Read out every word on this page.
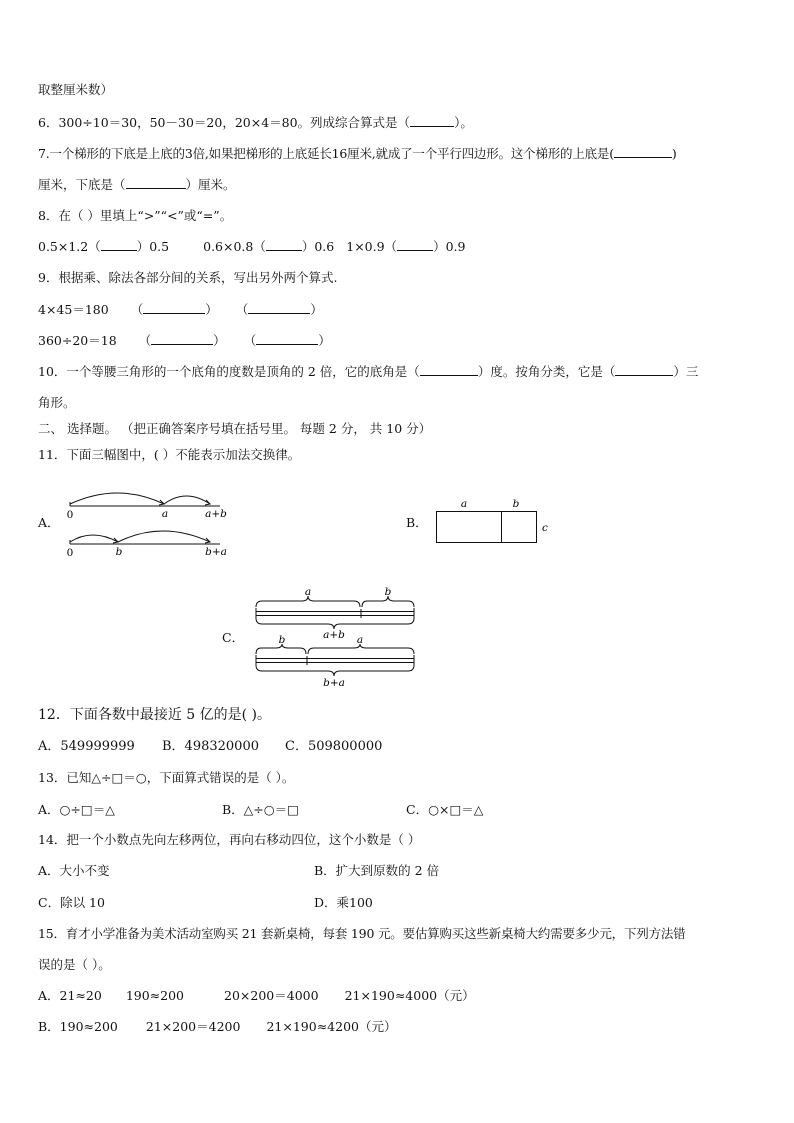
取整厘米数）
6．300÷10＝30，50－30＝20，20×4＝80。列成综合算式是（	）。
7.一个梯形的下底是上底的3倍,如果把梯形的上底延长16厘米,就成了一个平行四边形。这个梯形的上底是(	)
厘米，下底是（	）厘米。
8．在（ ）里填上“>”“<”或“=”。
0.5×1.2（	）0.5	0.6×0.8（	）0.6 1×0.9（	）0.9
9．根据乘、除法各部分间的关系，写出另外两个算式.
4×45＝180 （	） （	）
360÷20＝18 （	） （	）
10．一个等腰三角形的一个底角的度数是顶角的 2 倍，它的底角是（	）度。按角分类，它是（	）三
角形。
二、 选择题。 （把正确答案序号填在括号里。 每题 2 分， 共 10 分）
11．下面三幅图中，( ）不能表示加法交换律。
A． 0	a	a+b
0	b	b+a
B．
a	b
c
C．
a	b
a+b
b	a
b+a
12．下面各数中最接近 5 亿的是( )。
A．549999999 B．498320000 C．509800000
13．已知△÷□＝○，下面算式错误的是（ ）。
A．○÷□＝△	B．△÷○＝□	C．○×□＝△
14．把一个小数点先向左移两位，再向右移动四位，这个小数是（ ）
A．大小不变	B．扩大到原数的 2 倍
C．除以 10	D．乘100
15．育才小学准备为美术活动室购买 21 套新桌椅，每套 190 元。要估算购买这些新桌椅大约需要多少元，下列方法错
误的是（ ）。
A．21≈20 190≈200	20×200＝4000 21×190≈4000（元）
B．190≈200 21×200＝4200 21×190≈4200（元）
